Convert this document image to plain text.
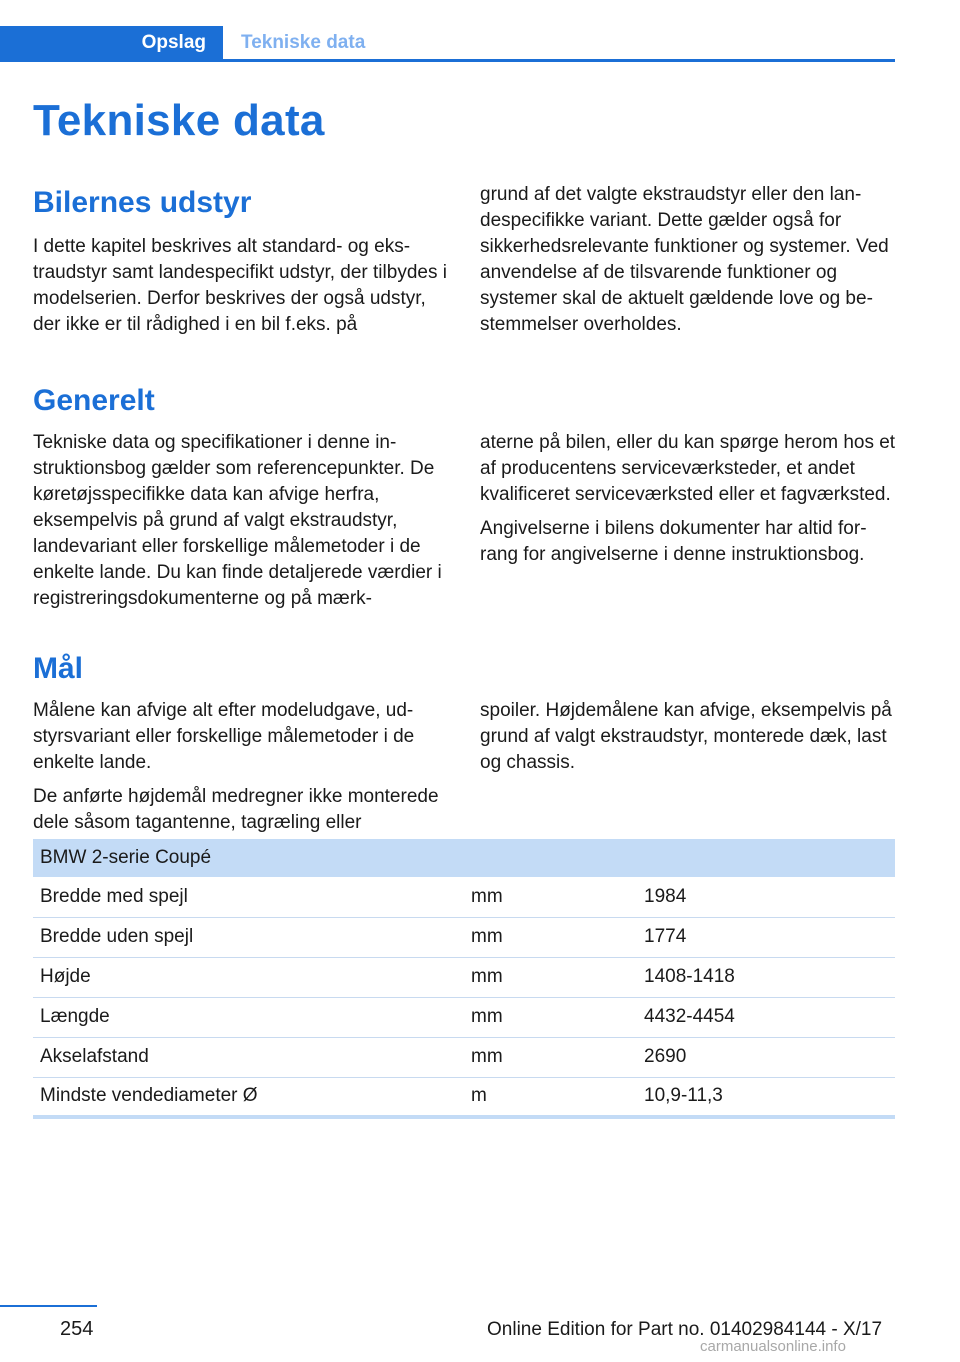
Opslag	Tekniske data
Tekniske data
Bilernes udstyr

I dette kapitel beskrives alt standard- og ekstraudstyr samt landespecifikt udstyr, der tilbydes i modelserien. Derfor beskrives der også udstyr, der ikke er til rådighed i en bil f.eks. på

grund af det valgte ekstraudstyr eller den landespecifikke variant. Dette gælder også for sikkerhedsrelevante funktioner og systemer. Ved anvendelse af de tilsvarende funktioner og systemer skal de aktuelt gældende love og bestemmelser overholdes.

Generelt

Tekniske data og specifikationer i denne instruktionsbog gælder som referencepunkter. De køretøjsspecifikke data kan afvige herfra, eksempelvis på grund af valgt ekstraudstyr, landevariant eller forskellige målemetoder i de enkelte lande. Du kan finde detaljerede værdier i registreringsdokumenterne og på mærk-

aterne på bilen, eller du kan spørge herom hos et af producentens serviceværksteder, et andet kvalificeret serviceværksted eller et fagværksted.

Angivelserne i bilens dokumenter har altid forrang for angivelserne i denne instruktionsbog.

Mål

Målene kan afvige alt efter modeludgave, udstyrsvariant eller forskellige målemetoder i de enkelte lande.

De anførte højdemål medregner ikke monterede dele såsom tagantenne, tagræling eller

spoiler. Højdemålene kan afvige, eksempelvis på grund af valgt ekstraudstyr, monterede dæk, last og chassis.

BMW 2-serie Coupé		
Bredde med spejl	mm	1984
Bredde uden spejl	mm	1774
Højde	mm	1408-1418
Længde	mm	4432-4454
Akselafstand	mm	2690
Mindste vendediameter Ø	m	10,9-11,3
254	Online Edition for Part no. 01402984144 - X/17
carmanualsonline.info
